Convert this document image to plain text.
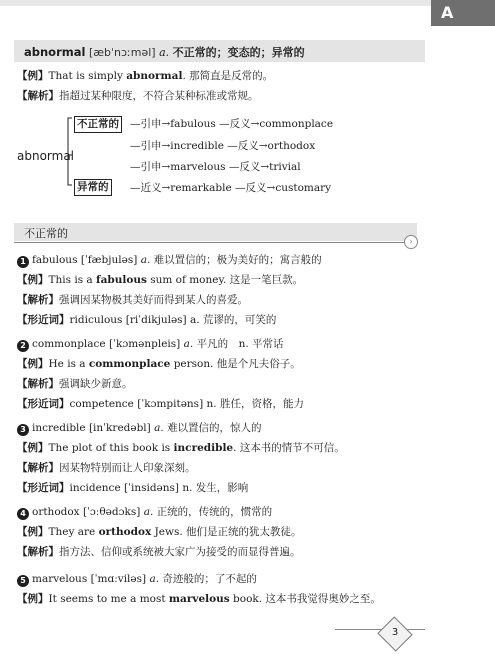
A
abnormal [æbˈnɔːməl] a. 不正常的；变态的；异常的
【例】That is simply abnormal. 那简直是反常的。
【解析】指超过某种限度，不符合某种标准或常规。
abnormal
不正常的
异常的
—引申→fabulous —反义→commonplace
—引申→incredible —反义→orthodox
—引申→marvelous —反义→trivial
—近义→remarkable —反义→customary
不正常的
›
1 fabulous [ˈfæbjuləs] a. 难以置信的；极为美好的；寓言般的
【例】This is a fabulous sum of money. 这是一笔巨款。
【解析】强调因某物极其美好而得到某人的喜爱。
【形近词】ridiculous [riˈdikjuləs] a. 荒谬的，可笑的
2 commonplace [ˈkɔmənpleis] a. 平凡的　n. 平常话
【例】He is a commonplace person. 他是个凡夫俗子。
【解析】强调缺少新意。
【形近词】competence [ˈkɔmpitəns] n. 胜任，资格，能力
3 incredible [inˈkredəbl] a. 难以置信的，惊人的
【例】The plot of this book is incredible. 这本书的情节不可信。
【解析】因某物特别而让人印象深刻。
【形近词】incidence [ˈinsidəns] n. 发生，影响
4 orthodox [ˈɔːθədɔks] a. 正统的，传统的，惯常的
【例】They are orthodox Jews. 他们是正统的犹太教徒。
【解析】指方法、信仰或系统被大家广为接受的而显得普遍。
5 marvelous [ˈmɑːviləs] a. 奇迹般的；了不起的
【例】It seems to me a most marvelous book. 这本书我觉得奥妙之至。
3
